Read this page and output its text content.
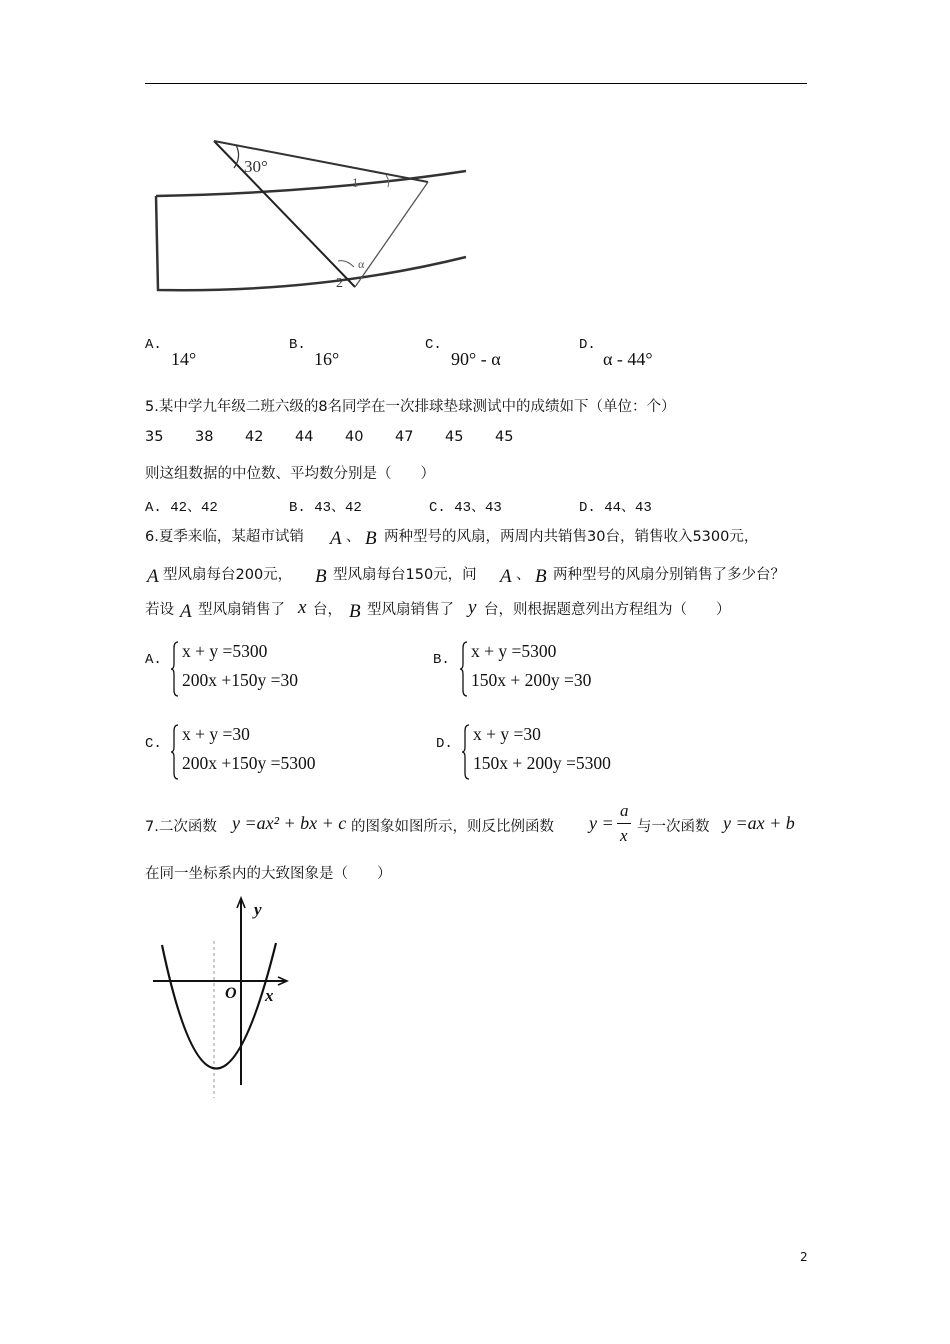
30°
1
2
α
A.
14°
B.
16°
C.
90° - α
D.
α - 44°
5.某中学九年级二班六级的8名同学在一次排球垫球测试中的成绩如下（单位：个）
35 38 42 44 40 47 45 45
则这组数据的中位数、平均数分别是（　　）
A. 42、42	B. 43、42	C. 43、43	D. 44、43
6.夏季来临，某超市试销 A 、 B 两种型号的风扇，两周内共销售30台，销售收入5300元，
A 型风扇每台200元， B 型风扇每台150元，问 A 、 B 两种型号的风扇分别销售了多少台？
若设 A 型风扇销售了 x 台， B 型风扇销售了 y 台，则根据题意列出方程组为（　　）
A. x + y =5300
200x +150y =30
B. x + y =5300
150x + 200y =30
C. x + y =30
200x +150y =5300
D. x + y =30
150x + 200y =5300
7.二次函数 y =ax² + bx + c 的图象如图所示，则反比例函数 y =
a
x 与一次函数 y =ax + b
在同一坐标系内的大致图象是（　　）
y
x
O
2
